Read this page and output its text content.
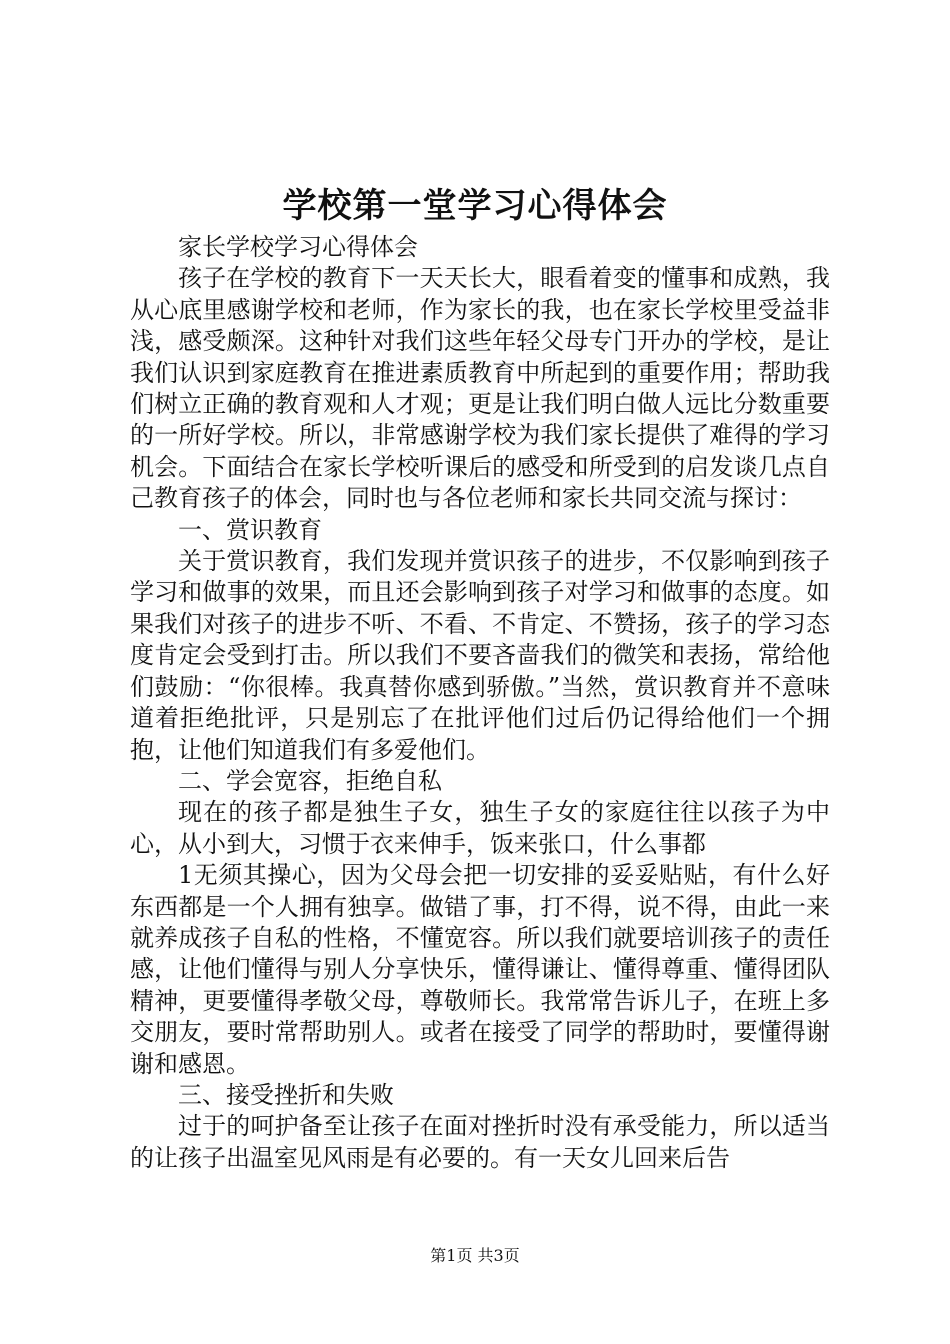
学校第一堂学习心得体会

家长学校学习心得体会

孩子在学校的教育下一天天长大，眼看着变的懂事和成熟，我从心底里感谢学校和老师，作为家长的我，也在家长学校里受益非浅，感受颇深。这种针对我们这些年轻父母专门开办的学校，是让我们认识到家庭教育在推进素质教育中所起到的重要作用；帮助我们树立正确的教育观和人才观；更是让我们明白做人远比分数重要的一所好学校。所以，非常感谢学校为我们家长提供了难得的学习机会。下面结合在家长学校听课后的感受和所受到的启发谈几点自己教育孩子的体会，同时也与各位老师和家长共同交流与探讨：

一、赏识教育

关于赏识教育，我们发现并赏识孩子的进步，不仅影响到孩子学习和做事的效果，而且还会影响到孩子对学习和做事的态度。如果我们对孩子的进步不听、不看、不肯定、不赞扬，孩子的学习态度肯定会受到打击。所以我们不要吝啬我们的微笑和表扬，常给他们鼓励：“你很棒。我真替你感到骄傲。”当然，赏识教育并不意味道着拒绝批评，只是别忘了在批评他们过后仍记得给他们一个拥抱，让他们知道我们有多爱他们。

二、学会宽容，拒绝自私

现在的孩子都是独生子女，独生子女的家庭往往以孩子为中心，从小到大，习惯于衣来伸手，饭来张口，什么事都

1无须其操心，因为父母会把一切安排的妥妥贴贴，有什么好东西都是一个人拥有独享。做错了事，打不得，说不得，由此一来就养成孩子自私的性格，不懂宽容。所以我们就要培训孩子的责任感，让他们懂得与别人分享快乐，懂得谦让、懂得尊重、懂得团队精神，更要懂得孝敬父母，尊敬师长。我常常告诉儿子，在班上多交朋友，要时常帮助别人。或者在接受了同学的帮助时，要懂得谢谢和感恩。

三、接受挫折和失败

过于的呵护备至让孩子在面对挫折时没有承受能力，所以适当的让孩子出温室见风雨是有必要的。有一天女儿回来后告

第1页 共3页
